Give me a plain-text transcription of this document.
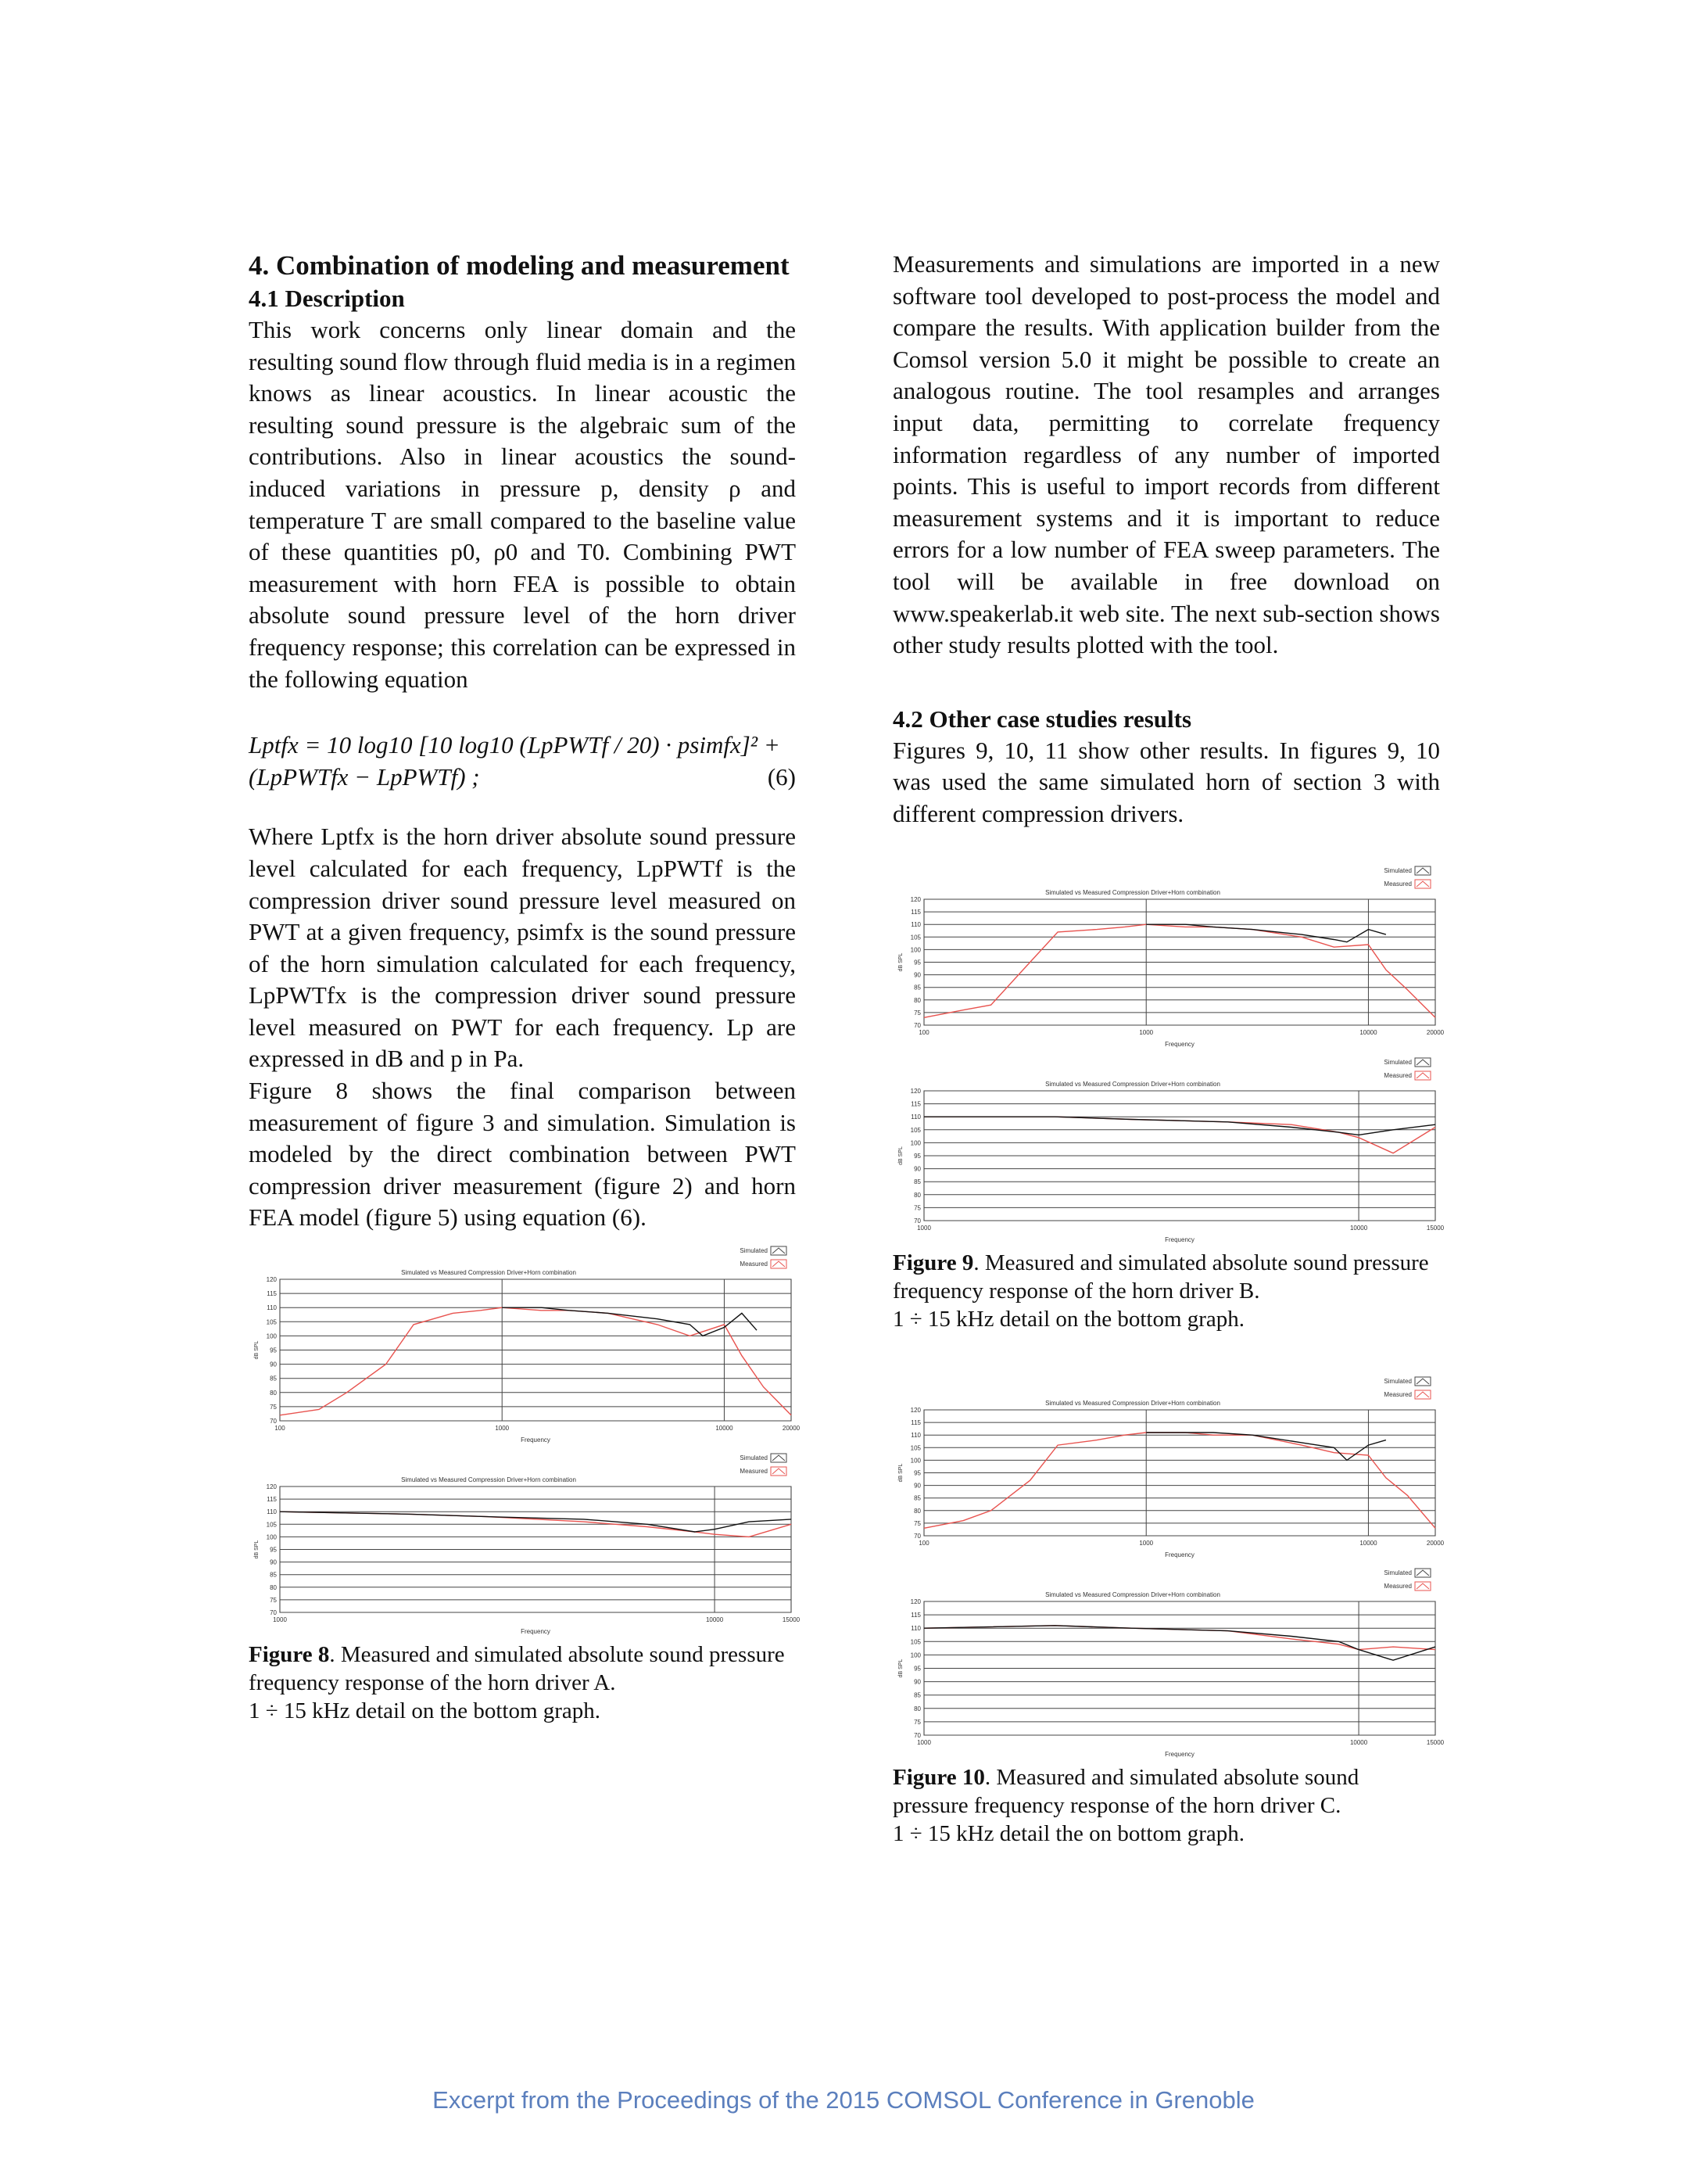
4. Combination of modeling and measurement
4.1 Description

This work concerns only linear domain and the resulting sound flow through fluid media is in a regimen knows as linear acoustics. In linear acoustic the resulting sound pressure is the algebraic sum of the contributions. Also in linear acoustics the sound-induced variations in pressure p, density ρ and temperature T are small compared to the baseline value of these quantities p0, ρ0 and T0. Combining PWT measurement with horn FEA is possible to obtain absolute sound pressure level of the horn driver frequency response; this correlation can be expressed in the following equation

Lptfx = 10 log10 [10 log10 (LpPWTf / 20) · psimfx]² +
(LpPWTfx − LpPWTf) ;	(6)

Where Lptfx is the horn driver absolute sound pressure level calculated for each frequency, LpPWTf is the compression driver sound pressure level measured on PWT at a given frequency, psimfx is the sound pressure of the horn simulation calculated for each frequency, LpPWTfx is the compression driver sound pressure level measured on PWT for each frequency. Lp are expressed in dB and p in Pa.

Figure 8 shows the final comparison between measurement of figure 3 and simulation. Simulation is modeled by the direct combination between PWT compression driver measurement (figure 2) and horn FEA model (figure 5) using equation (6).

120
115
110
105
100
95
90
85
80
75
70
100	1000	10000	20000
Frequency
dB SPL
Simulated vs Measured Compression Driver+Horn combination
Simulated
Measured
120
115
110
105
100
95
90
85
80
75
70
1000	10000	15000
Frequency
dB SPL
Simulated vs Measured Compression Driver+Horn combination
Simulated
Measured

Figure 8. Measured and simulated absolute sound pressure frequency response of the horn driver A.
1 ÷ 15 kHz detail on the bottom graph.

Measurements and simulations are imported in a new software tool developed to post-process the model and compare the results. With application builder from the Comsol version 5.0 it might be possible to create an analogous routine. The tool resamples and arranges input data, permitting to correlate frequency information regardless of any number of imported points. This is useful to import records from different measurement systems and it is important to reduce errors for a low number of FEA sweep parameters. The tool will be available in free download on www.speakerlab.it web site. The next sub-section shows other study results plotted with the tool.

4.2 Other case studies results

Figures 9, 10, 11 show other results. In figures 9, 10 was used the same simulated horn of section 3 with different compression drivers.

120
115
110
105
100
95
90
85
80
75
70
100	1000	10000	20000
Frequency
dB SPL
Simulated vs Measured Compression Driver+Horn combination
Simulated
Measured
120
115
110
105
100
95
90
85
80
75
70
1000	10000	15000
Frequency
dB SPL
Simulated vs Measured Compression Driver+Horn combination
Simulated
Measured

Figure 9. Measured and simulated absolute sound pressure frequency response of the horn driver B.
1 ÷ 15 kHz detail on the bottom graph.

120
115
110
105
100
95
90
85
80
75
70
100	1000	10000	20000
Frequency
dB SPL
Simulated vs Measured Compression Driver+Horn combination
Simulated
Measured
120
115
110
105
100
95
90
85
80
75
70
1000	10000	15000
Frequency
dB SPL
Simulated vs Measured Compression Driver+Horn combination
Simulated
Measured

Figure 10. Measured and simulated absolute sound pressure frequency response of the horn driver C.
1 ÷ 15 kHz detail the on bottom graph.

Excerpt from the Proceedings of the 2015 COMSOL Conference in Grenoble
